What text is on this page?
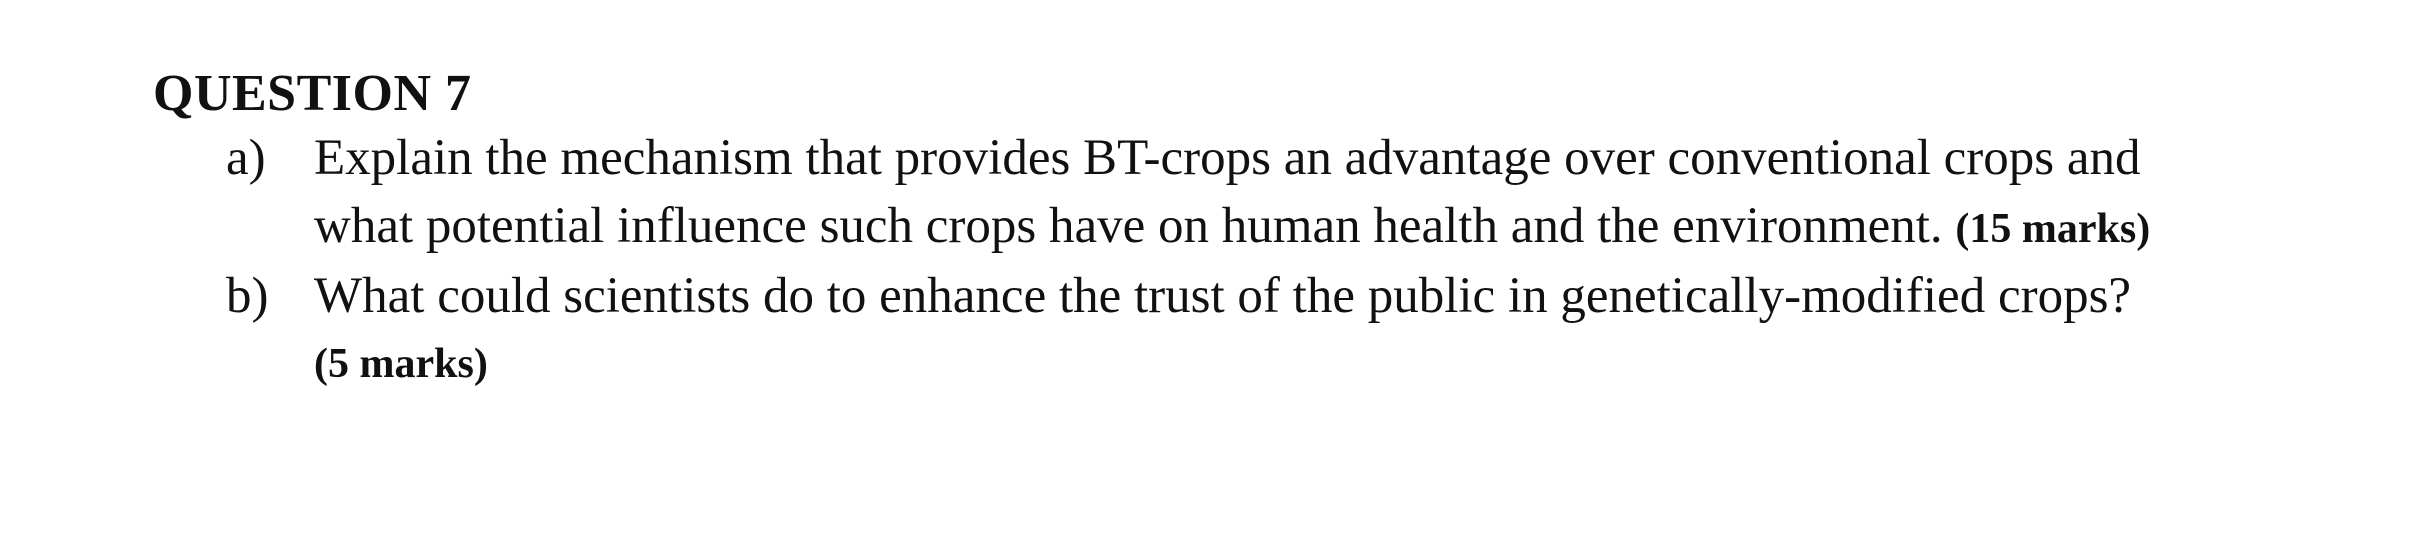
QUESTION 7
a) Explain the mechanism that provides BT-crops an advantage over conventional crops and
what potential influence such crops have on human health and the environment. (15 marks)
b) What could scientists do to enhance the trust of the public in genetically-modified crops?
(5 marks)
